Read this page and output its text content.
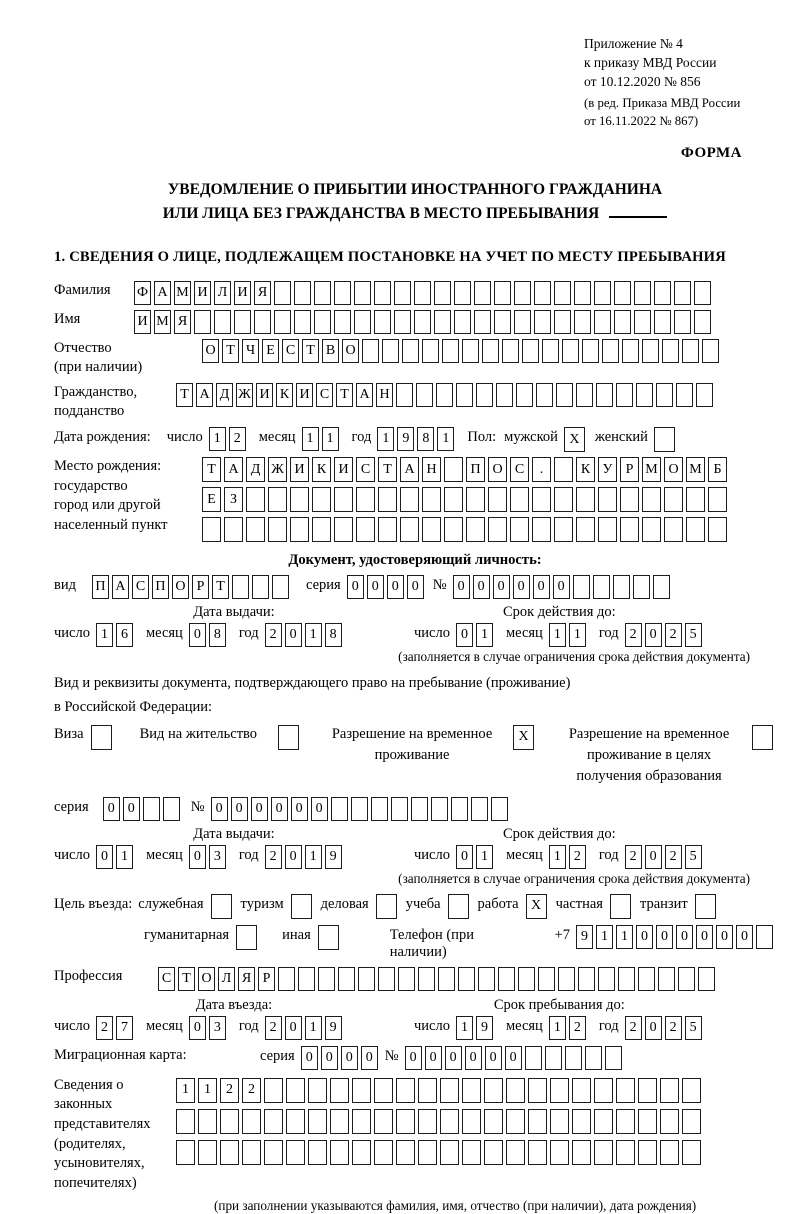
Приложение № 4
к приказу МВД России
от 10.12.2020 № 856
(в ред. Приказа МВД России
от 16.11.2022 № 867)
ФОРМА
УВЕДОМЛЕНИЕ О ПРИБЫТИИ ИНОСТРАННОГО ГРАЖДАНИНА
ИЛИ ЛИЦА БЕЗ ГРАЖДАНСТВА В МЕСТО ПРЕБЫВАНИЯ
1. СВЕДЕНИЯ О ЛИЦЕ, ПОДЛЕЖАЩЕМ ПОСТАНОВКЕ НА УЧЕТ ПО МЕСТУ ПРЕБЫВАНИЯ
Фамилия	Ф А М И Л И Я
Имя	И М Я
Отчество
(при наличии)
О Т Ч Е С Т В О
Гражданство,
подданство
Т А Д Ж И К И С Т А Н
Дата рождения: число 1 2	месяц 1 1	год 1 9 8 1	Пол: мужской X	женский
Место рождения:
государство
город или другой
населенный пункт
Т А Д Ж И К И С Т А Н	П О С	.	К У Р М О М Б
Е	З
Документ, удостоверяющий личность:
вид П А С П О Р Т	серия 0 0 0 0 № 0 0 0 0 0 0
Дата выдачи:
число 1 6	месяц 0 8	год 2 0 1 8
Срок действия до:
число 0 1	месяц 1 1	год 2 0 2 5
(заполняется в случае ограничения срока действия документа)
Вид и реквизиты документа, подтверждающего право на пребывание (проживание)
в Российской Федерации:
Виза	Вид на жительство	Разрешение на временное
проживание
X	Разрешение на временное
проживание в целях
получения образования
серия	0 0	№ 0 0 0 0 0 0
Дата выдачи:
число 0 1	месяц 0 3	год 2 0 1 9
Срок действия до:
число 0 1	месяц 1 2	год 2 0 2 5
(заполняется в случае ограничения срока действия документа)
Цель въезда: служебная	туризм	деловая	учеба	работа X частная	транзит
гуманитарная	иная	Телефон (при наличии)
+7 9 1 1 0 0 0 0 0 0
Профессия	С Т О Л Я Р
Дата въезда:
число 2 7	месяц 0 3	год 2 0 1 9
Срок пребывания до:
число 1 9	месяц 1 2	год 2 0 2 5
Миграционная карта:	серия 0 0 0 0 № 0 0 0 0 0 0
Сведения о
законных
представителях
(родителях,
усыновителях,
попечителях)
1	1	2	2
(при заполнении указываются фамилия, имя, отчество (при наличии), дата рождения)
